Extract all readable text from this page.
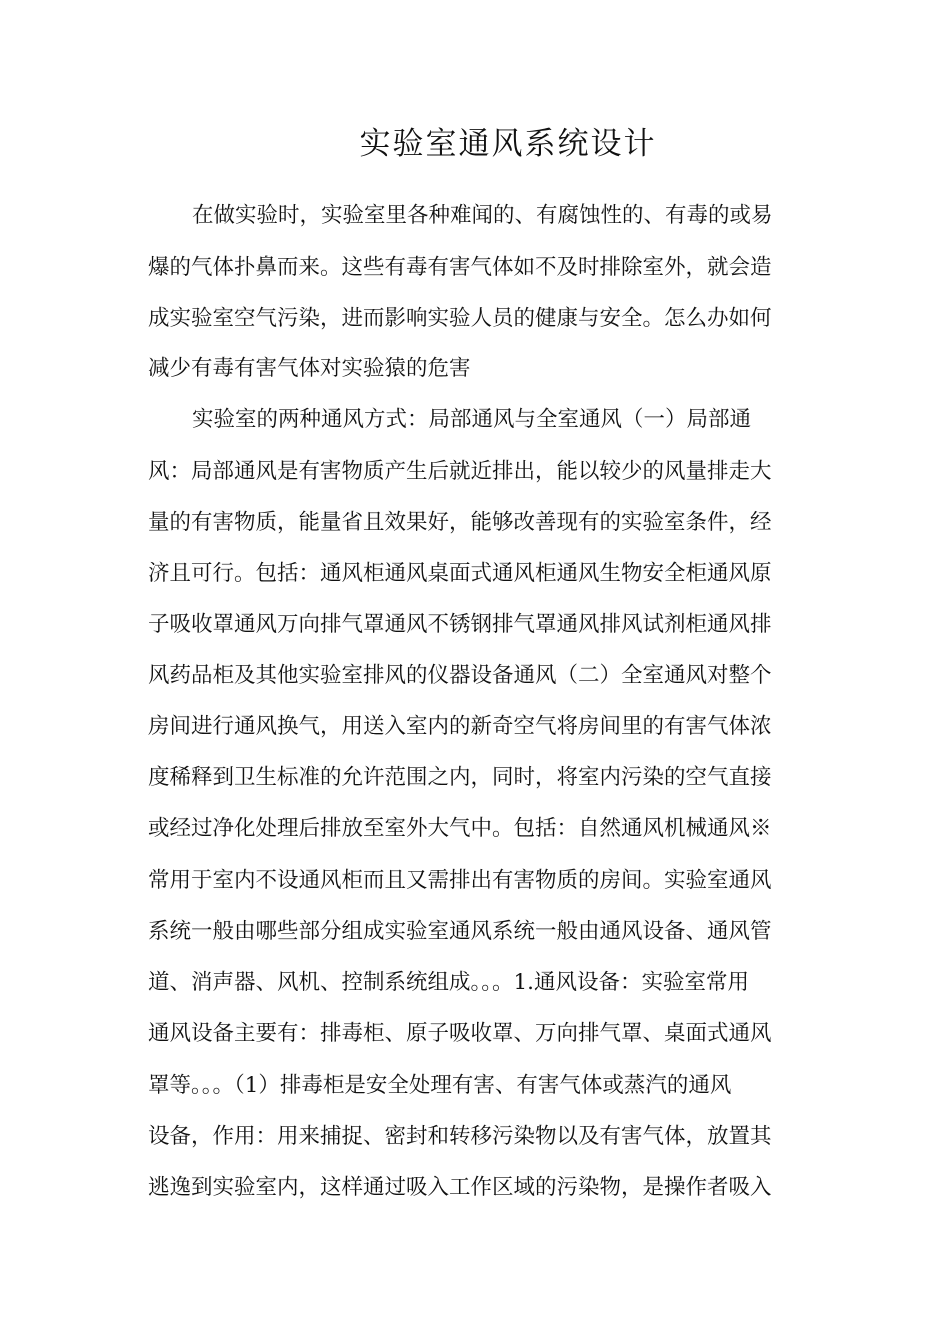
实验室通风系统设计

在做实验时，实验室里各种难闻的、有腐蚀性的、有毒的或易

爆的气体扑鼻而来。这些有毒有害气体如不及时排除室外，就会造

成实验室空气污染，进而影响实验人员的健康与安全。怎么办如何

减少有毒有害气体对实验猿的危害

实验室的两种通风方式：局部通风与全室通风（一）局部通

风：局部通风是有害物质产生后就近排出，能以较少的风量排走大

量的有害物质，能量省且效果好，能够改善现有的实验室条件，经

济且可行。包括：通风柜通风桌面式通风柜通风生物安全柜通风原

子吸收罩通风万向排气罩通风不锈钢排气罩通风排风试剂柜通风排

风药品柜及其他实验室排风的仪器设备通风（二）全室通风对整个

房间进行通风换气，用送入室内的新奇空气将房间里的有害气体浓

度稀释到卫生标准的允许范围之内，同时，将室内污染的空气直接

或经过净化处理后排放至室外大气中。包括：自然通风机械通风※

常用于室内不设通风柜而且又需排出有害物质的房间。实验室通风

系统一般由哪些部分组成实验室通风系统一般由通风设备、通风管

道、消声器、风机、控制系统组成。。。1.通风设备：实验室常用

通风设备主要有：排毒柜、原子吸收罩、万向排气罩、桌面式通风

罩等。。。（1）排毒柜是安全处理有害、有害气体或蒸汽的通风

设备，作用：用来捕捉、密封和转移污染物以及有害气体，放置其

逃逸到实验室内，这样通过吸入工作区域的污染物，是操作者吸入
